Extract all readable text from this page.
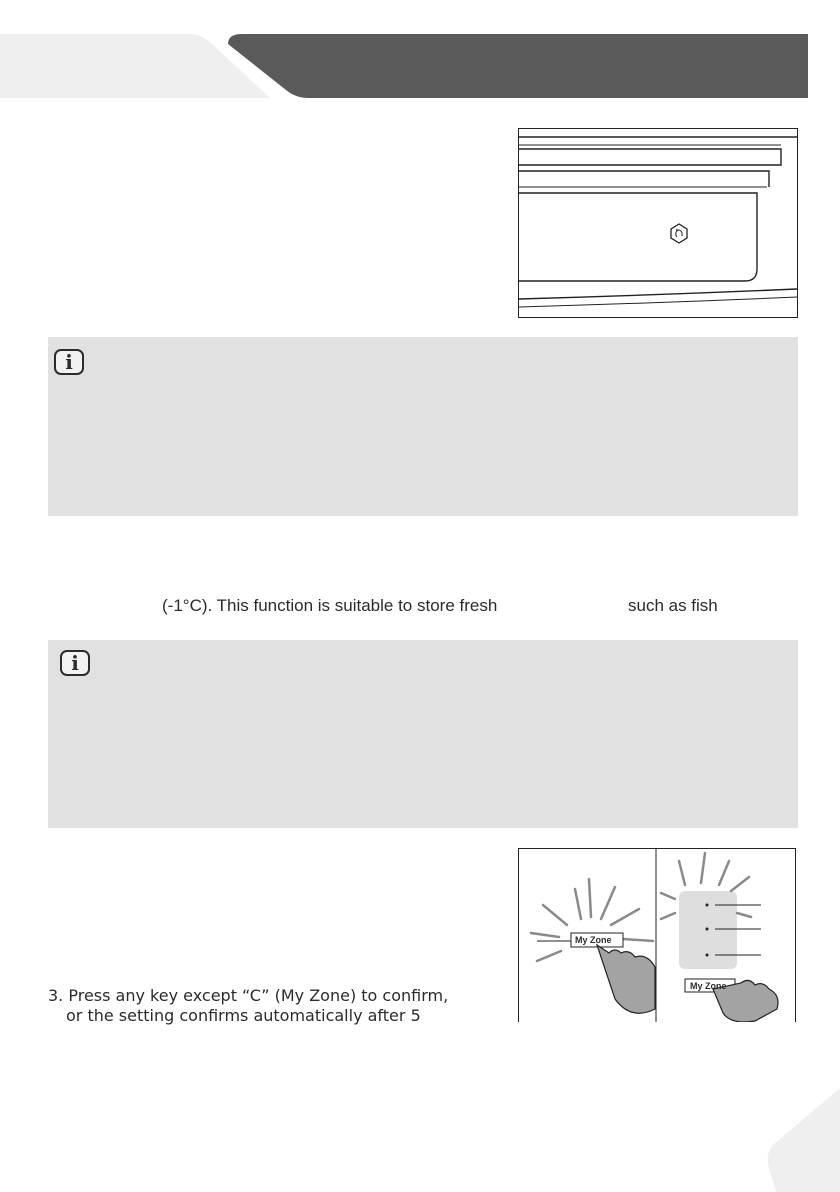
i
(-1°C). This function is suitable to store fresh	such as fish
i
3. Press any key except “C” (My Zone) to confirm,
or the setting confirms automatically after 5
My Zone
My Zone
